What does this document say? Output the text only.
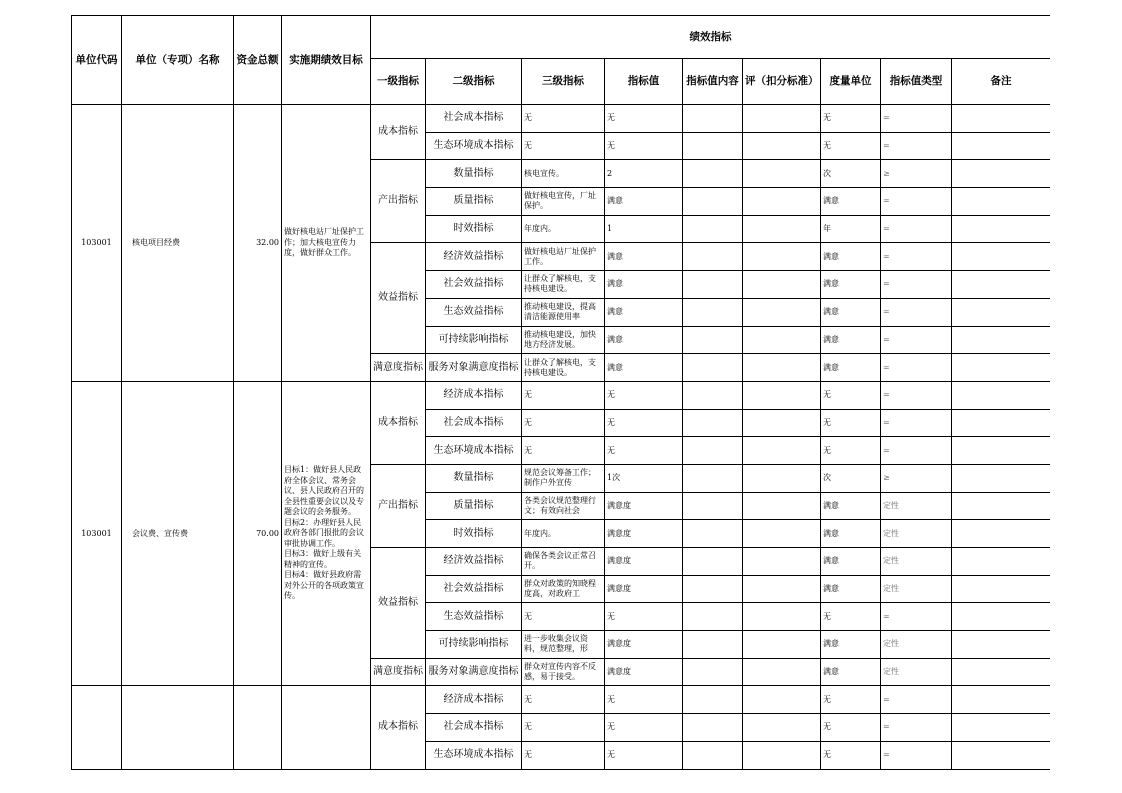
单位代码	单位（专项）名称	资金总额	实施期绩效目标	绩效指标								
				一级指标	二级指标	三级指标	指标值	指标值内容	评（扣分标准）	度量单位	指标值类型	备注
103001	核电项目经费	32.00	做好核电站厂址保护工作；加大核电宣传力度，做好群众工作。	成本指标	社会成本指标	无	无			无	=	
					生态环境成本指标	无	无			无	=	
				产出指标	数量指标	核电宣传。	2			次	≥	
					质量指标	做好核电宣传，厂址保护。	满意			满意	=	
					时效指标	年度内。	1			年	=	
				效益指标	经济效益指标	做好核电站厂址保护工作。	满意			满意	=	
					社会效益指标	让群众了解核电，支持核电建设。	满意			满意	=	
					生态效益指标	推动核电建设，提高清洁能源使用率	满意			满意	=	
					可持续影响指标	推动核电建设，加快地方经济发展。	满意			满意	=	
				满意度指标	服务对象满意度指标	让群众了解核电，支持核电建设。	满意			满意	=	
103001	会议费、宣传费	70.00	目标1：做好县人民政府全体会议、常务会议、县人民政府召开的全县性重要会议以及专题会议的会务服务。
目标2：办理好县人民政府各部门报批的会议审批协调工作。
目标3：做好上级有关精神的宣传。
目标4：做好县政府需对外公开的各项政策宣传。	成本指标	经济成本指标	无	无			无	=	
					社会成本指标	无	无			无	=	
					生态环境成本指标	无	无			无	=	
				产出指标	数量指标	规范会议筹备工作；制作户外宣传	1次			次	≥	
					质量指标	各类会议规范整理行文；有效向社会	满意度			满意	定性	
					时效指标	年度内。	满意度			满意	定性	
				效益指标	经济效益指标	确保各类会议正常召开。	满意度			满意	定性	
					社会效益指标	群众对政策的知晓程度高，对政府工	满意度			满意	定性	
					生态效益指标	无	无			无	=	
					可持续影响指标	进一步收集会议资料，规范整理，形	满意度			满意	定性	
				满意度指标	服务对象满意度指标	群众对宣传内容不反感，易于接受。	满意度			满意	定性	
				成本指标	经济成本指标	无	无			无	=	
					社会成本指标	无	无			无	=	
					生态环境成本指标	无	无			无	=	
